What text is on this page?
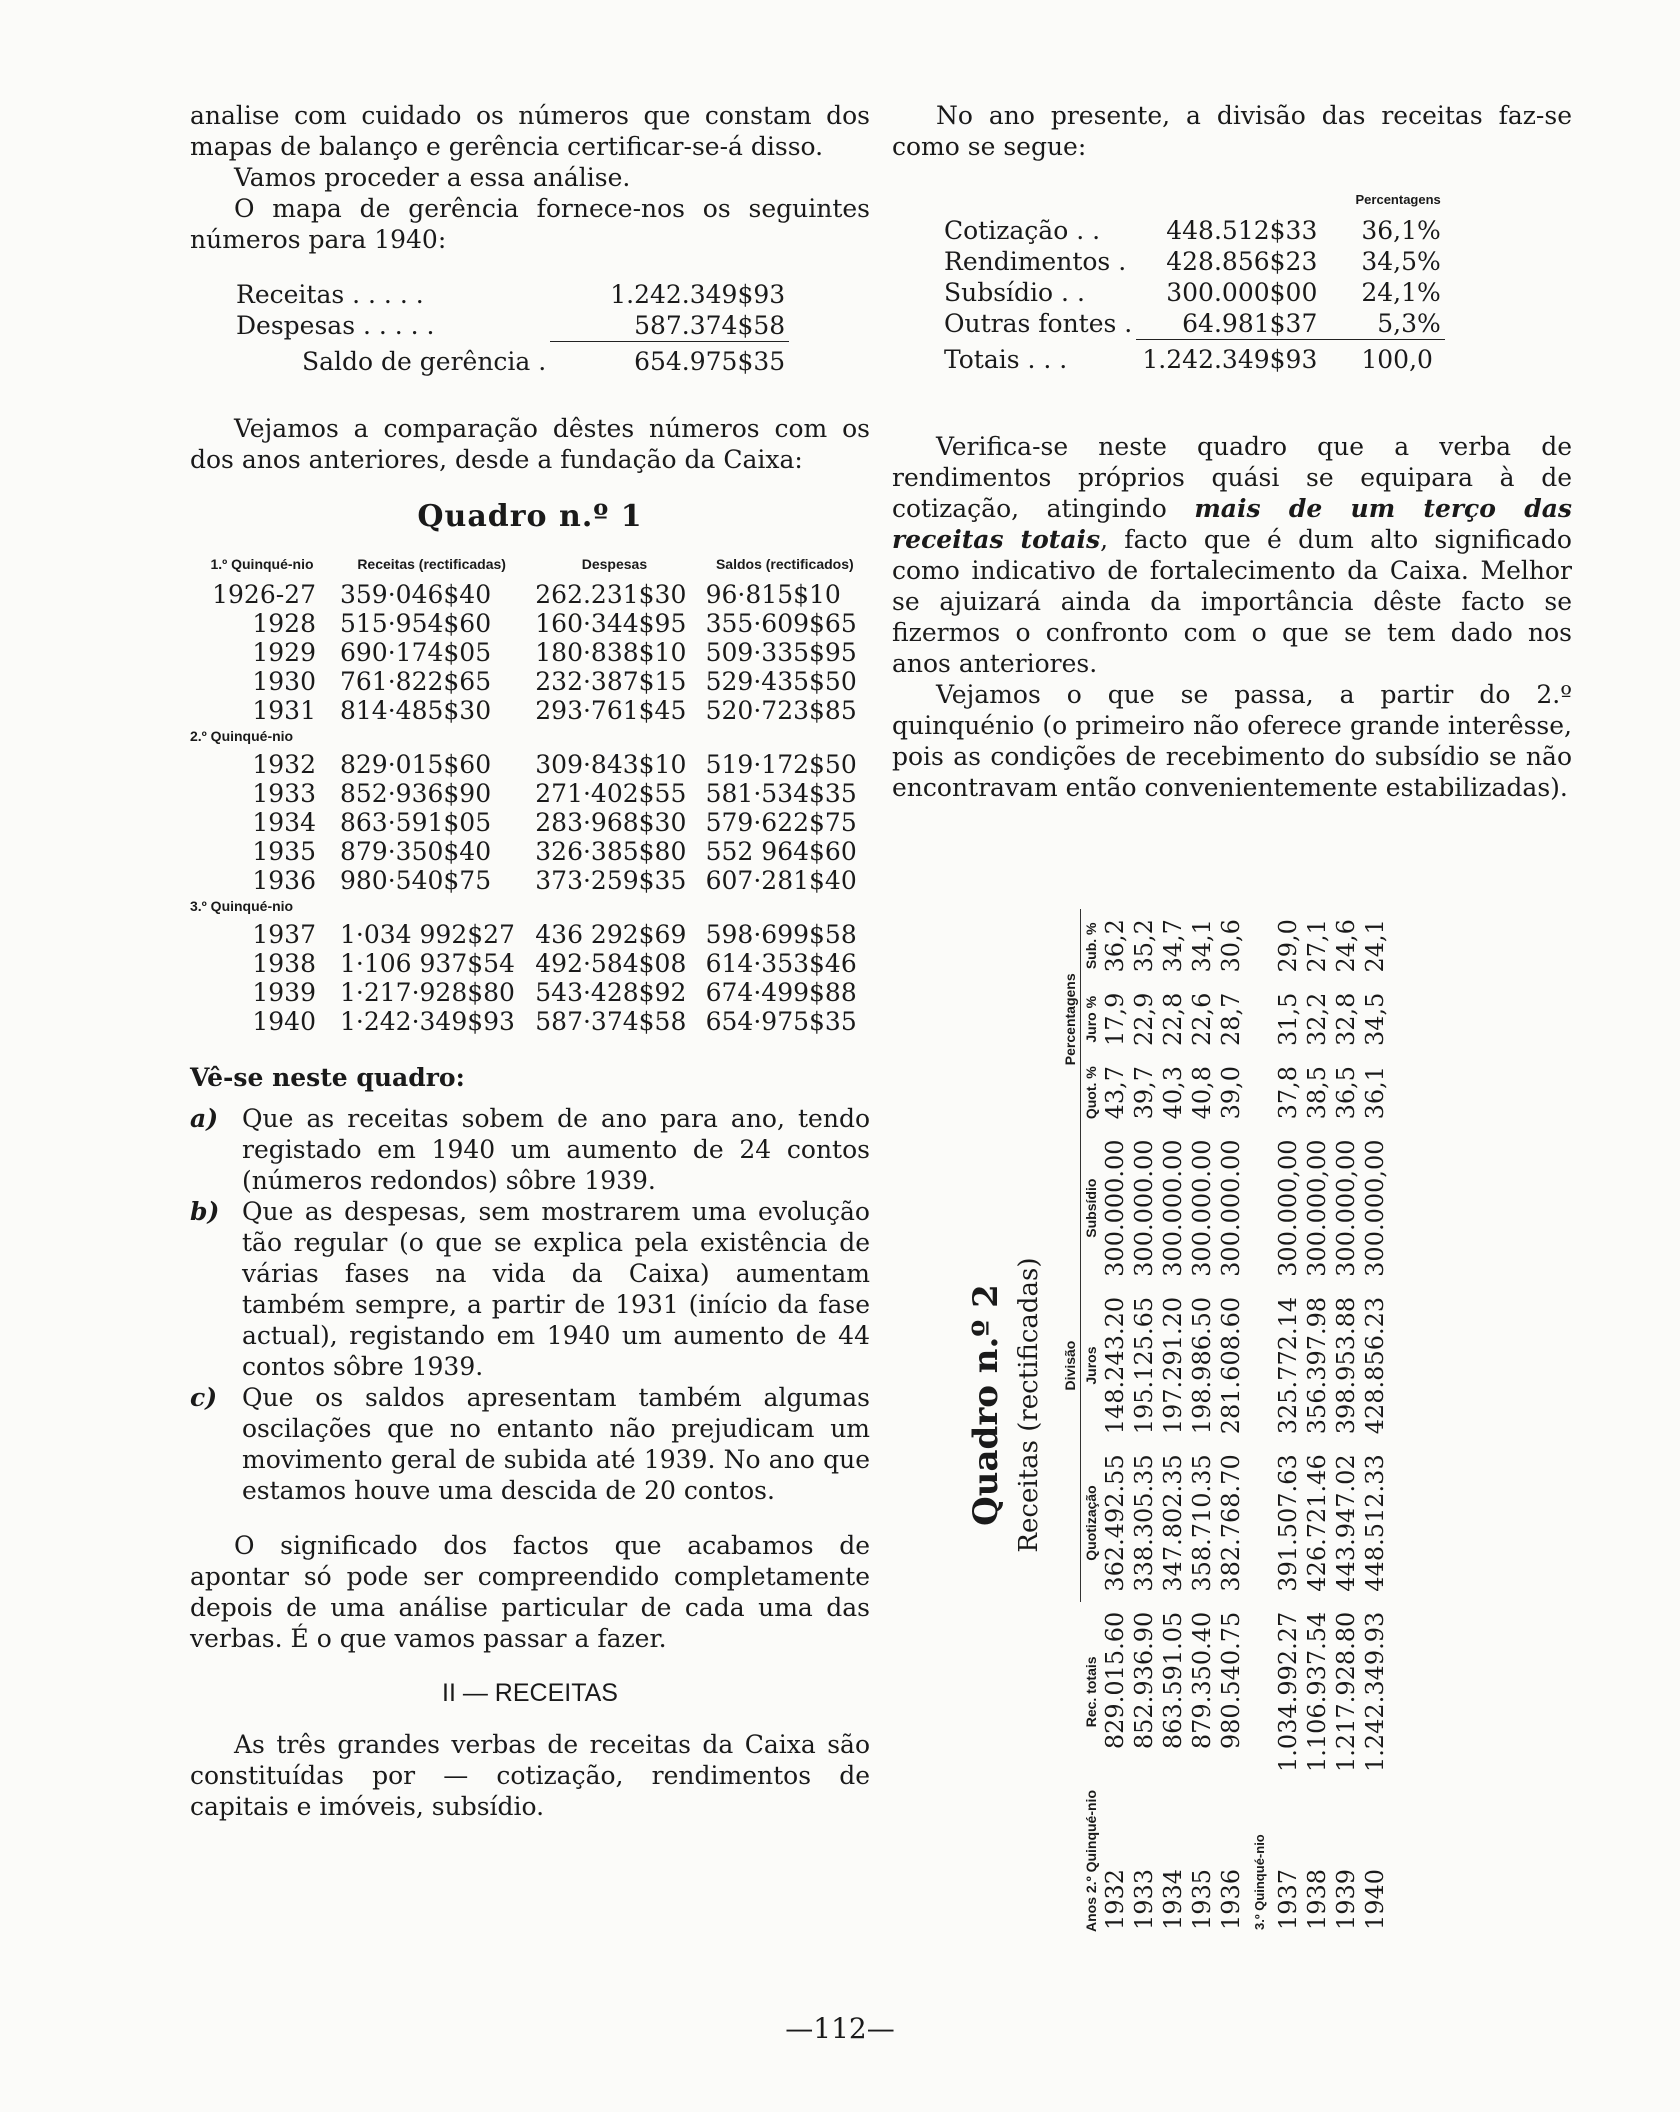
analise com cuidado os números que constam dos mapas de balanço e gerência certificar-se-á disso.

Vamos proceder a essa análise.

O mapa de gerência fornece-nos os seguintes números para 1940:

Receitas . . . . .	1.242.349$93
Despesas . . . . .	587.374$58
Saldo de gerência .	654.975$35

Vejamos a comparação dêstes números com os dos anos anteriores, desde a fundação da Caixa:

Quadro n.º 1
1.º Quinqué-nio	Receitas (rectificadas)	Despesas	Saldos (rectificados)
1926-27	359·046$40	262.231$30	96·815$10
1928	515·954$60	160·344$95	355·609$65
1929	690·174$05	180·838$10	509·335$95
1930	761·822$65	232·387$15	529·435$50
1931	814·485$30	293·761$45	520·723$85
2.º Quinqué-nio			
1932	829·015$60	309·843$10	519·172$50
1933	852·936$90	271·402$55	581·534$35
1934	863·591$05	283·968$30	579·622$75
1935	879·350$40	326·385$80	552 964$60
1936	980·540$75	373·259$35	607·281$40
3.º Quinqué-nio			
1937	1·034 992$27	436 292$69	598·699$58
1938	1·106 937$54	492·584$08	614·353$46
1939	1·217·928$80	543·428$92	674·499$88
1940	1·242·349$93	587·374$58	654·975$35

Vê-se neste quadro:

a) Que as receitas sobem de ano para ano, tendo registado em 1940 um aumento de 24 contos (números redondos) sôbre 1939.
b) Que as despesas, sem mostrarem uma evolução tão regular (o que se explica pela existência de várias fases na vida da Caixa) aumentam também sempre, a partir de 1931 (início da fase actual), registando em 1940 um aumento de 44 contos sôbre 1939.
c) Que os saldos apresentam também algumas oscilações que no entanto não prejudicam um movimento geral de subida até 1939. No ano que estamos houve uma descida de 20 contos.

O significado dos factos que acabamos de apontar só pode ser compreendido completamente depois de uma análise particular de cada uma das verbas. É o que vamos passar a fazer.

II — RECEITAS

As três grandes verbas de receitas da Caixa são constituídas por — cotização, rendimentos de capitais e imóveis, subsídio.

No ano presente, a divisão das receitas faz-se como se segue:

		Percentagens
Cotização . .	448.512$33	36,1%
Rendimentos .	428.856$23	34,5%
Subsídio . .	300.000$00	24,1%
Outras fontes .	64.981$37	5,3%
Totais . . .	1.242.349$93	100,0

Verifica-se neste quadro que a verba de rendimentos próprios quási se equipara à de cotização, atingindo mais de um terço das receitas totais, facto que é dum alto significado como indicativo de fortalecimento da Caixa. Melhor se ajuizará ainda da importância dêste facto se fizermos o confronto com o que se tem dado nos anos anteriores.

Vejamos o que se passa, a partir do 2.º quinquénio (o primeiro não oferece grande interêsse, pois as condições de recebimento do subsídio se não encontravam então convenientemente estabilizadas).

Quadro n.º 2 Receitas (rectificadas)
		Divisão			Percentagens		
Anos 2.º Quinqué-nio	Rec. totais	Quotização	Juros	Subsídio	Quot. %	Juro %	Sub. %
1932	829.015.60	362.492.55	148.243.20	300.000.00	43,7	17,9	36,2
1933	852.936.90	338.305.35	195.125.65	300.000.00	39,7	22,9	35,2
1934	863.591.05	347.802.35	197.291.20	300.000.00	40,3	22,8	34,7
1935	879.350.40	358.710.35	198.986.50	300.000.00	40,8	22,6	34,1
1936	980.540.75	382.768.70	281.608.60	300.000.00	39,0	28,7	30,6
3.º Quinqué-nio							
1937	1.034.992.27	391.507.63	325.772.14	300.000,00	37,8	31,5	29,0
1938	1.106.937.54	426.721.46	356.397.98	300.000,00	38,5	32,2	27,1
1939	1.217.928.80	443.947.02	398.953.88	300.000,00	36,5	32,8	24,6
1940	1.242.349.93	448.512.33	428.856.23	300.000,00	36,1	34,5	24,1
—112—
